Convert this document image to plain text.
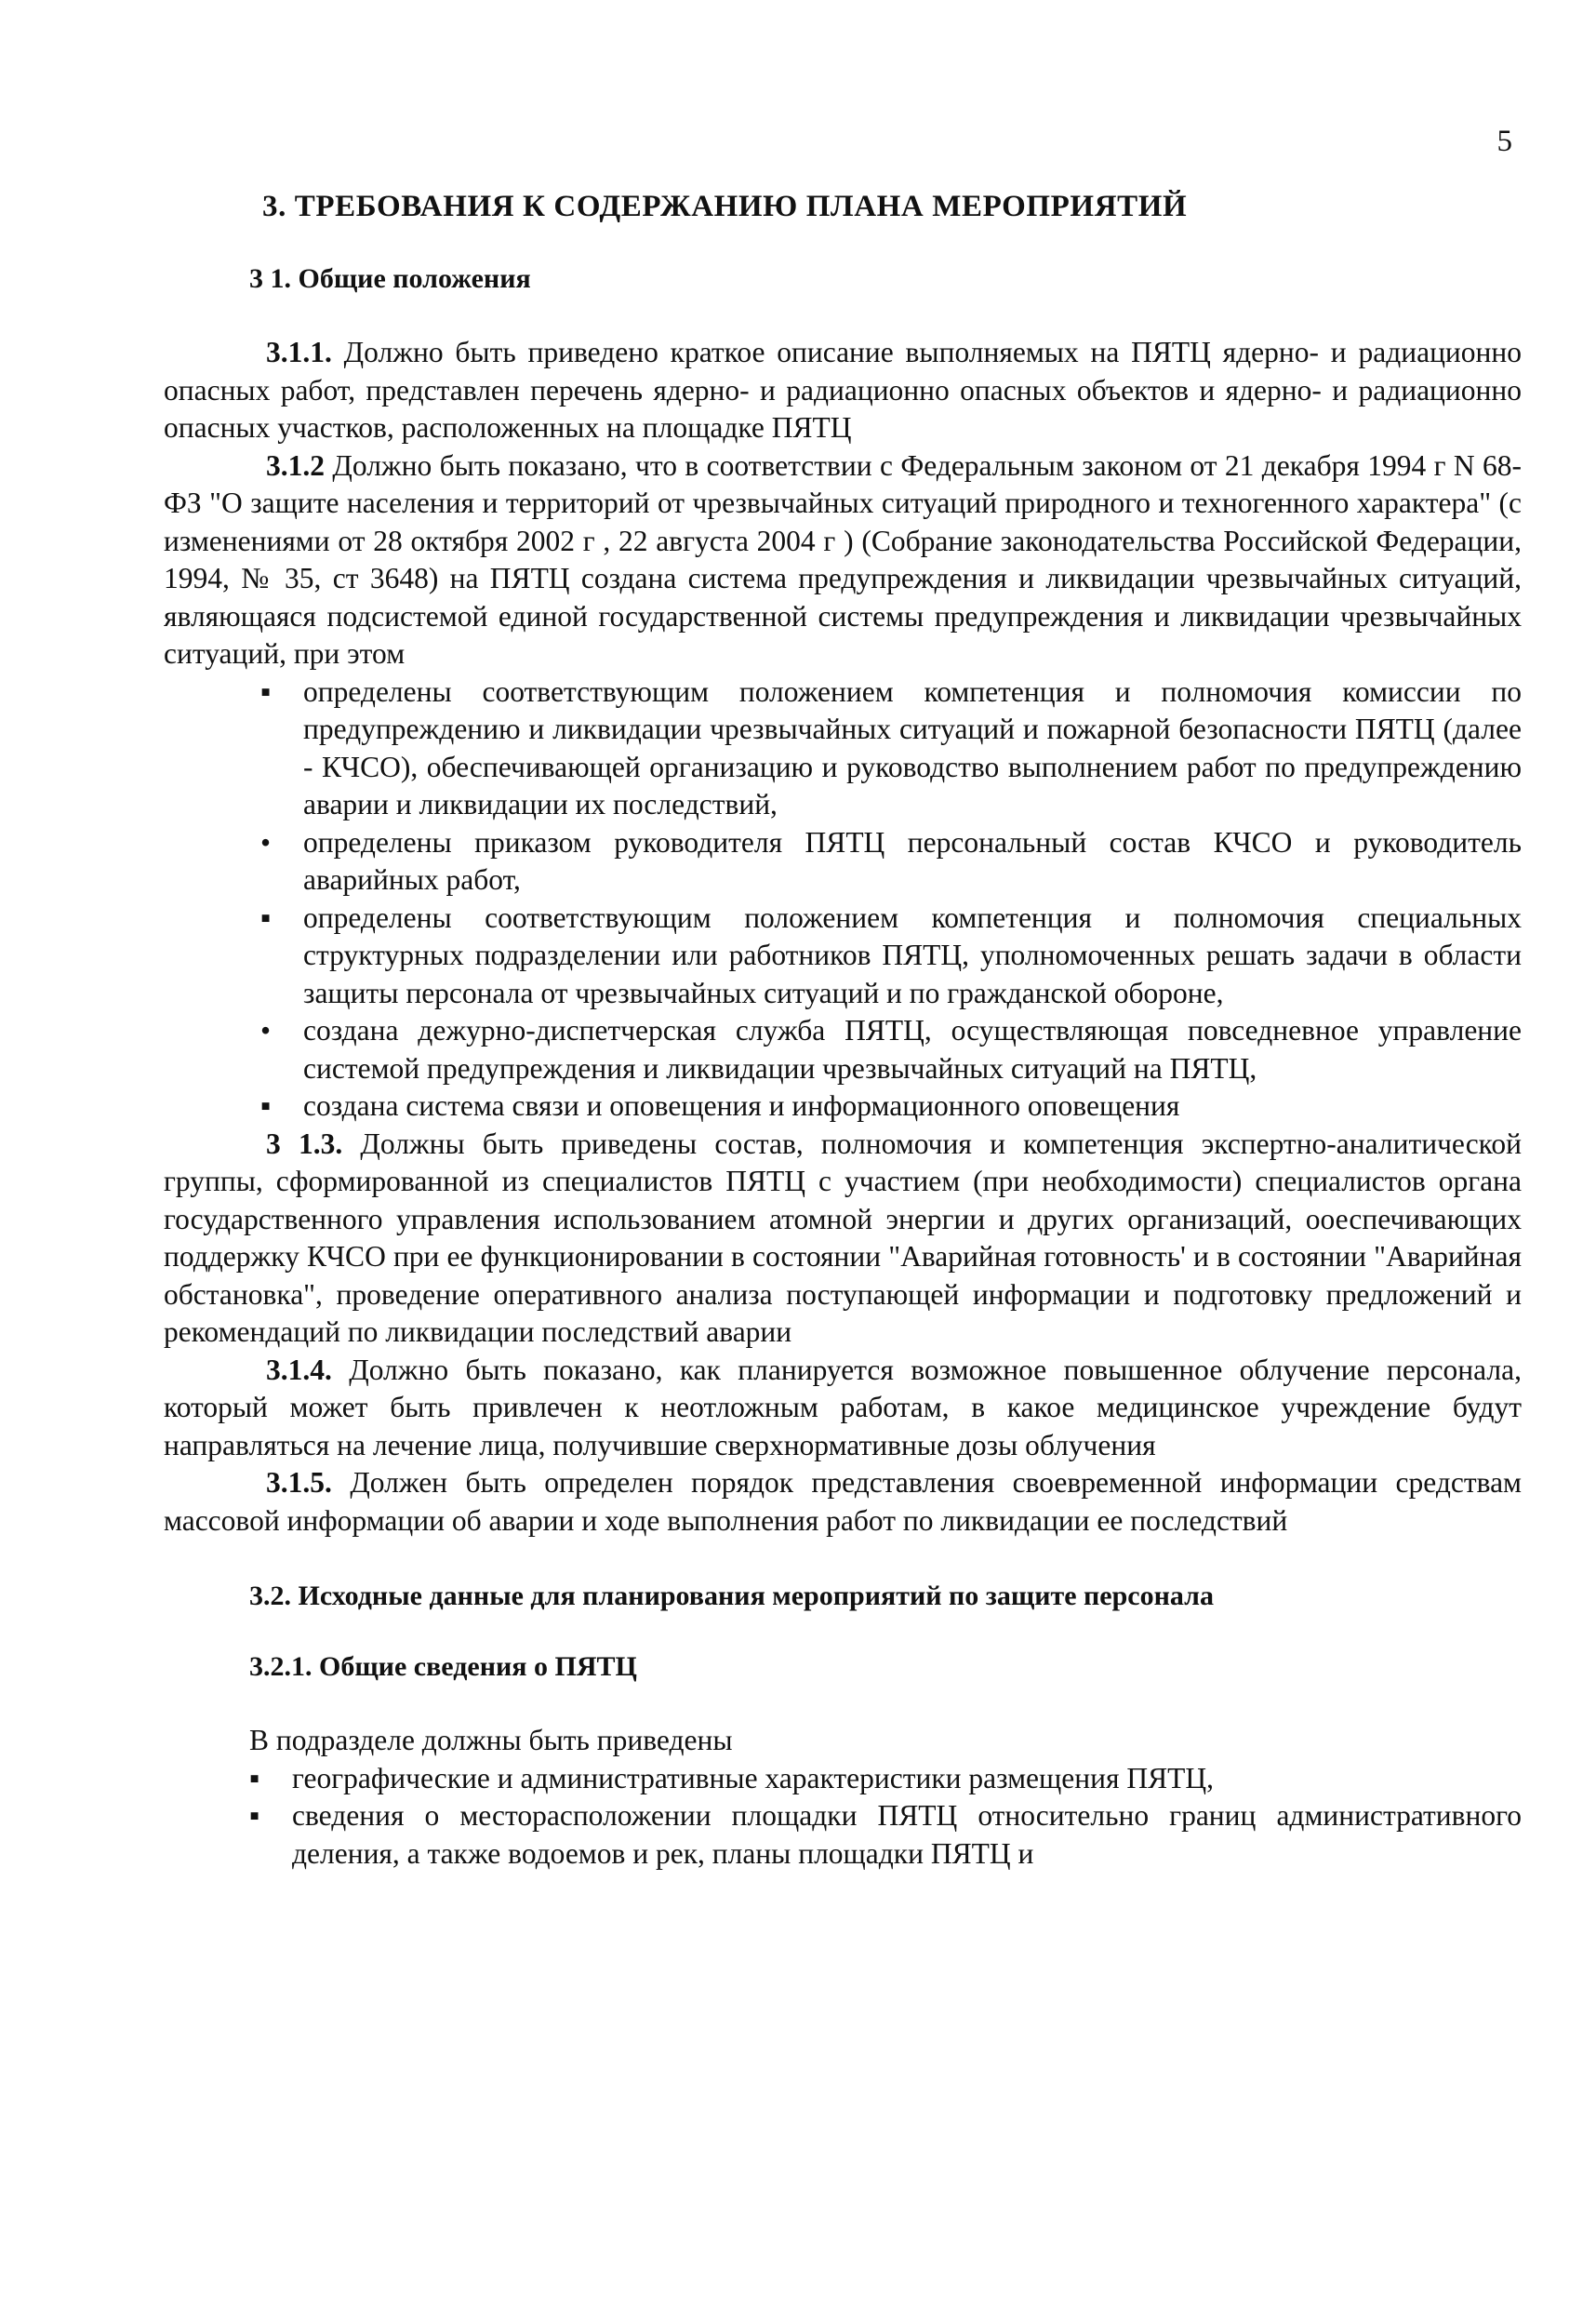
5
3. ТРЕБОВАНИЯ К СОДЕРЖАНИЮ ПЛАНА МЕРОПРИЯТИЙ
3 1. Общие положения

3.1.1. Должно быть приведено краткое описание выполняемых на ПЯТЦ ядерно- и радиационно опасных работ, представлен перечень ядерно- и радиационно опасных объектов и ядерно- и радиационно опасных участков, расположенных на площадке ПЯТЦ

3.1.2 Должно быть показано, что в соответствии с Федеральным законом от 21 декабря 1994 г N 68-ФЗ "О защите населения и территорий от чрезвычайных ситуаций природного и техногенного характера" (с изменениями от 28 октября 2002 г , 22 августа 2004 г ) (Собрание законодательства Российской Федерации, 1994, № 35, ст 3648) на ПЯТЦ создана система предупреждения и ликвидации чрезвычайных ситуаций, являющаяся подсистемой единой государственной системы предупреждения и ликвидации чрезвычайных ситуаций, при этом

▪	определены соответствующим положением компетенция и полномочия комиссии по предупреждению и ликвидации чрезвычайных ситуаций и пожарной безопасности ПЯТЦ (далее - КЧСО), обеспечивающей организацию и руководство выполнением работ по предупреждению аварии и ликвидации их последствий,
•	определены приказом руководителя ПЯТЦ персональный состав КЧСО и руководитель аварийных работ,
▪	определены соответствующим положением компетенция и полномочия специальных структурных подразделении или работников ПЯТЦ, уполномоченных решать задачи в области защиты персонала от чрезвычайных ситуаций и по гражданской обороне,
•	создана дежурно-диспетчерская служба ПЯТЦ, осуществляющая повседневное управление системой предупреждения и ликвидации чрезвычайных ситуаций на ПЯТЦ,
▪	создана система связи и оповещения и информационного оповещения

3 1.3. Должны быть приведены состав, полномочия и компетенция экспертно-аналитической группы, сформированной из специалистов ПЯТЦ с участием (при необходимости) специалистов органа государственного управления использованием атомной энергии и других организаций, ооеспечивающих поддержку КЧСО при ее функционировании в состоянии "Аварийная готовность' и в состоянии "Аварийная обстановка", проведение оперативного анализа поступающей информации и подготовку предложений и рекомендаций по ликвидации последствий аварии

3.1.4. Должно быть показано, как планируется возможное повышенное облучение персонала, который может быть привлечен к неотложным работам, в какое медицинское учреждение будут направляться на лечение лица, получившие сверхнормативные дозы облучения

3.1.5. Должен быть определен порядок представления своевременной информации средствам массовой информации об аварии и ходе выполнения работ по ликвидации ее последствий

3.2. Исходные данные для планирования мероприятий по защите персонала
3.2.1. Общие сведения о ПЯТЦ

В подразделе должны быть приведены

▪	географические и административные характеристики размещения ПЯТЦ,
▪	сведения о месторасположении площадки ПЯТЦ относительно границ административного деления, а также водоемов и рек, планы площадки ПЯТЦ и
